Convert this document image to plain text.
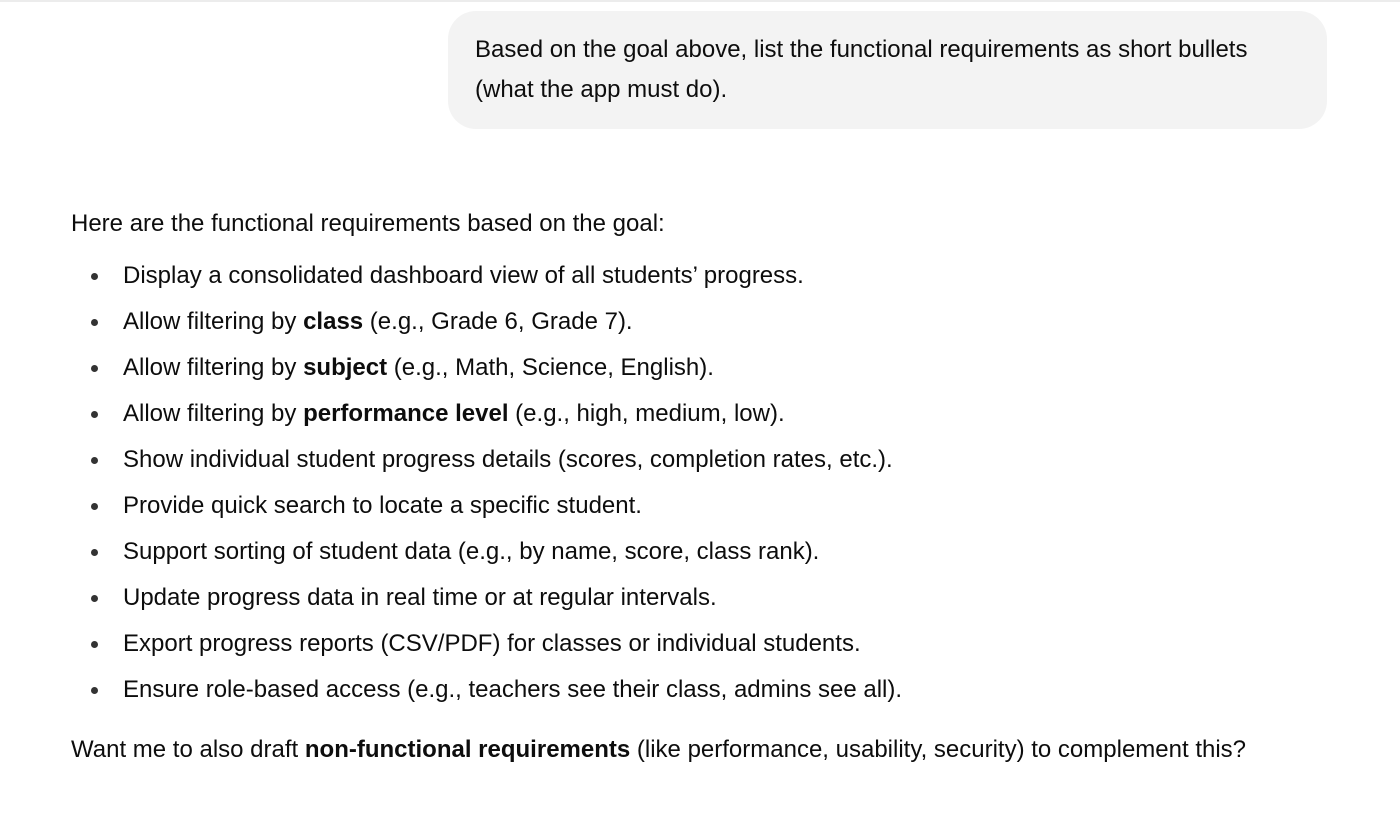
Based on the goal above, list the functional requirements as short bullets (what the app must do).
Here are the functional requirements based on the goal:
Display a consolidated dashboard view of all students’ progress.
Allow filtering by class (e.g., Grade 6, Grade 7).
Allow filtering by subject (e.g., Math, Science, English).
Allow filtering by performance level (e.g., high, medium, low).
Show individual student progress details (scores, completion rates, etc.).
Provide quick search to locate a specific student.
Support sorting of student data (e.g., by name, score, class rank).
Update progress data in real time or at regular intervals.
Export progress reports (CSV/PDF) for classes or individual students.
Ensure role-based access (e.g., teachers see their class, admins see all).
Want me to also draft non-functional requirements (like performance, usability, security) to complement this?
